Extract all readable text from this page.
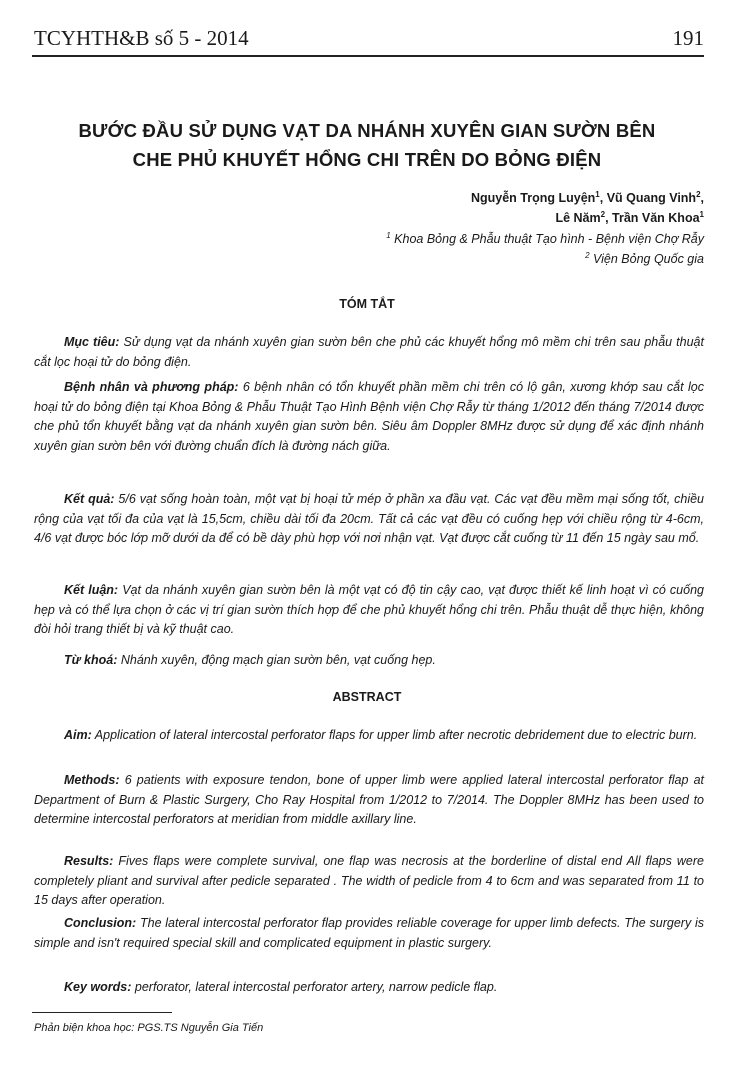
TCYHTH&B số 5 - 2014	191
BƯỚC ĐẦU SỬ DỤNG VẠT DA NHÁNH XUYÊN GIAN SƯỜN BÊN
CHE PHỦ KHUYẾT HỔNG CHI TRÊN DO BỎNG ĐIỆN
Nguyễn Trọng Luyện$^1$, Vũ Quang Vinh$^2$,
Lê Năm$^2$, Trần Văn Khoa$^1$
$^1$ Khoa Bỏng & Phẫu thuật Tạo hình - Bệnh viện Chợ Rẫy
$^2$ Viện Bỏng Quốc gia
TÓM TẮT
Mục tiêu: Sử dụng vạt da nhánh xuyên gian sườn bên che phủ các khuyết hổng mô mềm chi trên sau phẫu thuật cắt lọc hoại tử do bỏng điện.
Bệnh nhân và phương pháp: 6 bệnh nhân có tổn khuyết phần mềm chi trên có lộ gân, xương khớp sau cắt lọc hoại tử do bỏng điện tại Khoa Bỏng & Phẫu Thuật Tạo Hình Bệnh viện Chợ Rẫy từ tháng 1/2012 đến tháng 7/2014 được che phủ tổn khuyết bằng vạt da nhánh xuyên gian sườn bên. Siêu âm Doppler 8MHz được sử dụng để xác định nhánh xuyên gian sườn bên với đường chuẩn đích là đường nách giữa.
Kết quả: 5/6 vạt sống hoàn toàn, một vạt bị hoại tử mép ở phần xa đầu vạt. Các vạt đều mềm mại sống tốt, chiều rộng của vạt tối đa của vạt là 15,5cm, chiều dài tối đa 20cm. Tất cả các vạt đều có cuống hẹp với chiều rộng từ 4-6cm, 4/6 vạt được bóc lớp mỡ dưới da để có bề dày phù hợp với nơi nhận vạt. Vạt được cắt cuống từ 11 đến 15 ngày sau mổ.
Kết luận: Vạt da nhánh xuyên gian sườn bên là một vạt có độ tin cậy cao, vạt được thiết kế linh hoạt vì có cuống hẹp và có thể lựa chọn ở các vị trí gian sườn thích hợp để che phủ khuyết hổng chi trên. Phẫu thuật dễ thực hiện, không đòi hỏi trang thiết bị và kỹ thuật cao.
Từ khoá: Nhánh xuyên, động mạch gian sườn bên, vạt cuống hẹp.
ABSTRACT
Aim: Application of lateral intercostal perforator flaps for upper limb after necrotic debridement due to electric burn.
Methods: 6 patients with exposure tendon, bone of upper limb were applied lateral intercostal perforator flap at Department of Burn & Plastic Surgery, Cho Ray Hospital from 1/2012 to 7/2014. The Doppler 8MHz has been used to determine intercostal perforators at meridian from middle axillary line.
Results: Fives flaps were complete survival, one flap was necrosis at the borderline of distal end All flaps were completely pliant and survival after pedicle separated . The width of pedicle from 4 to 6cm and was separated from 11 to 15 days after operation.
Conclusion: The lateral intercostal perforator flap provides reliable coverage for upper limb defects. The surgery is simple and isn't required special skill and complicated equipment in plastic surgery.
Key words: perforator, lateral intercostal perforator artery, narrow pedicle flap.
Phản biện khoa học: PGS.TS Nguyễn Gia Tiến
